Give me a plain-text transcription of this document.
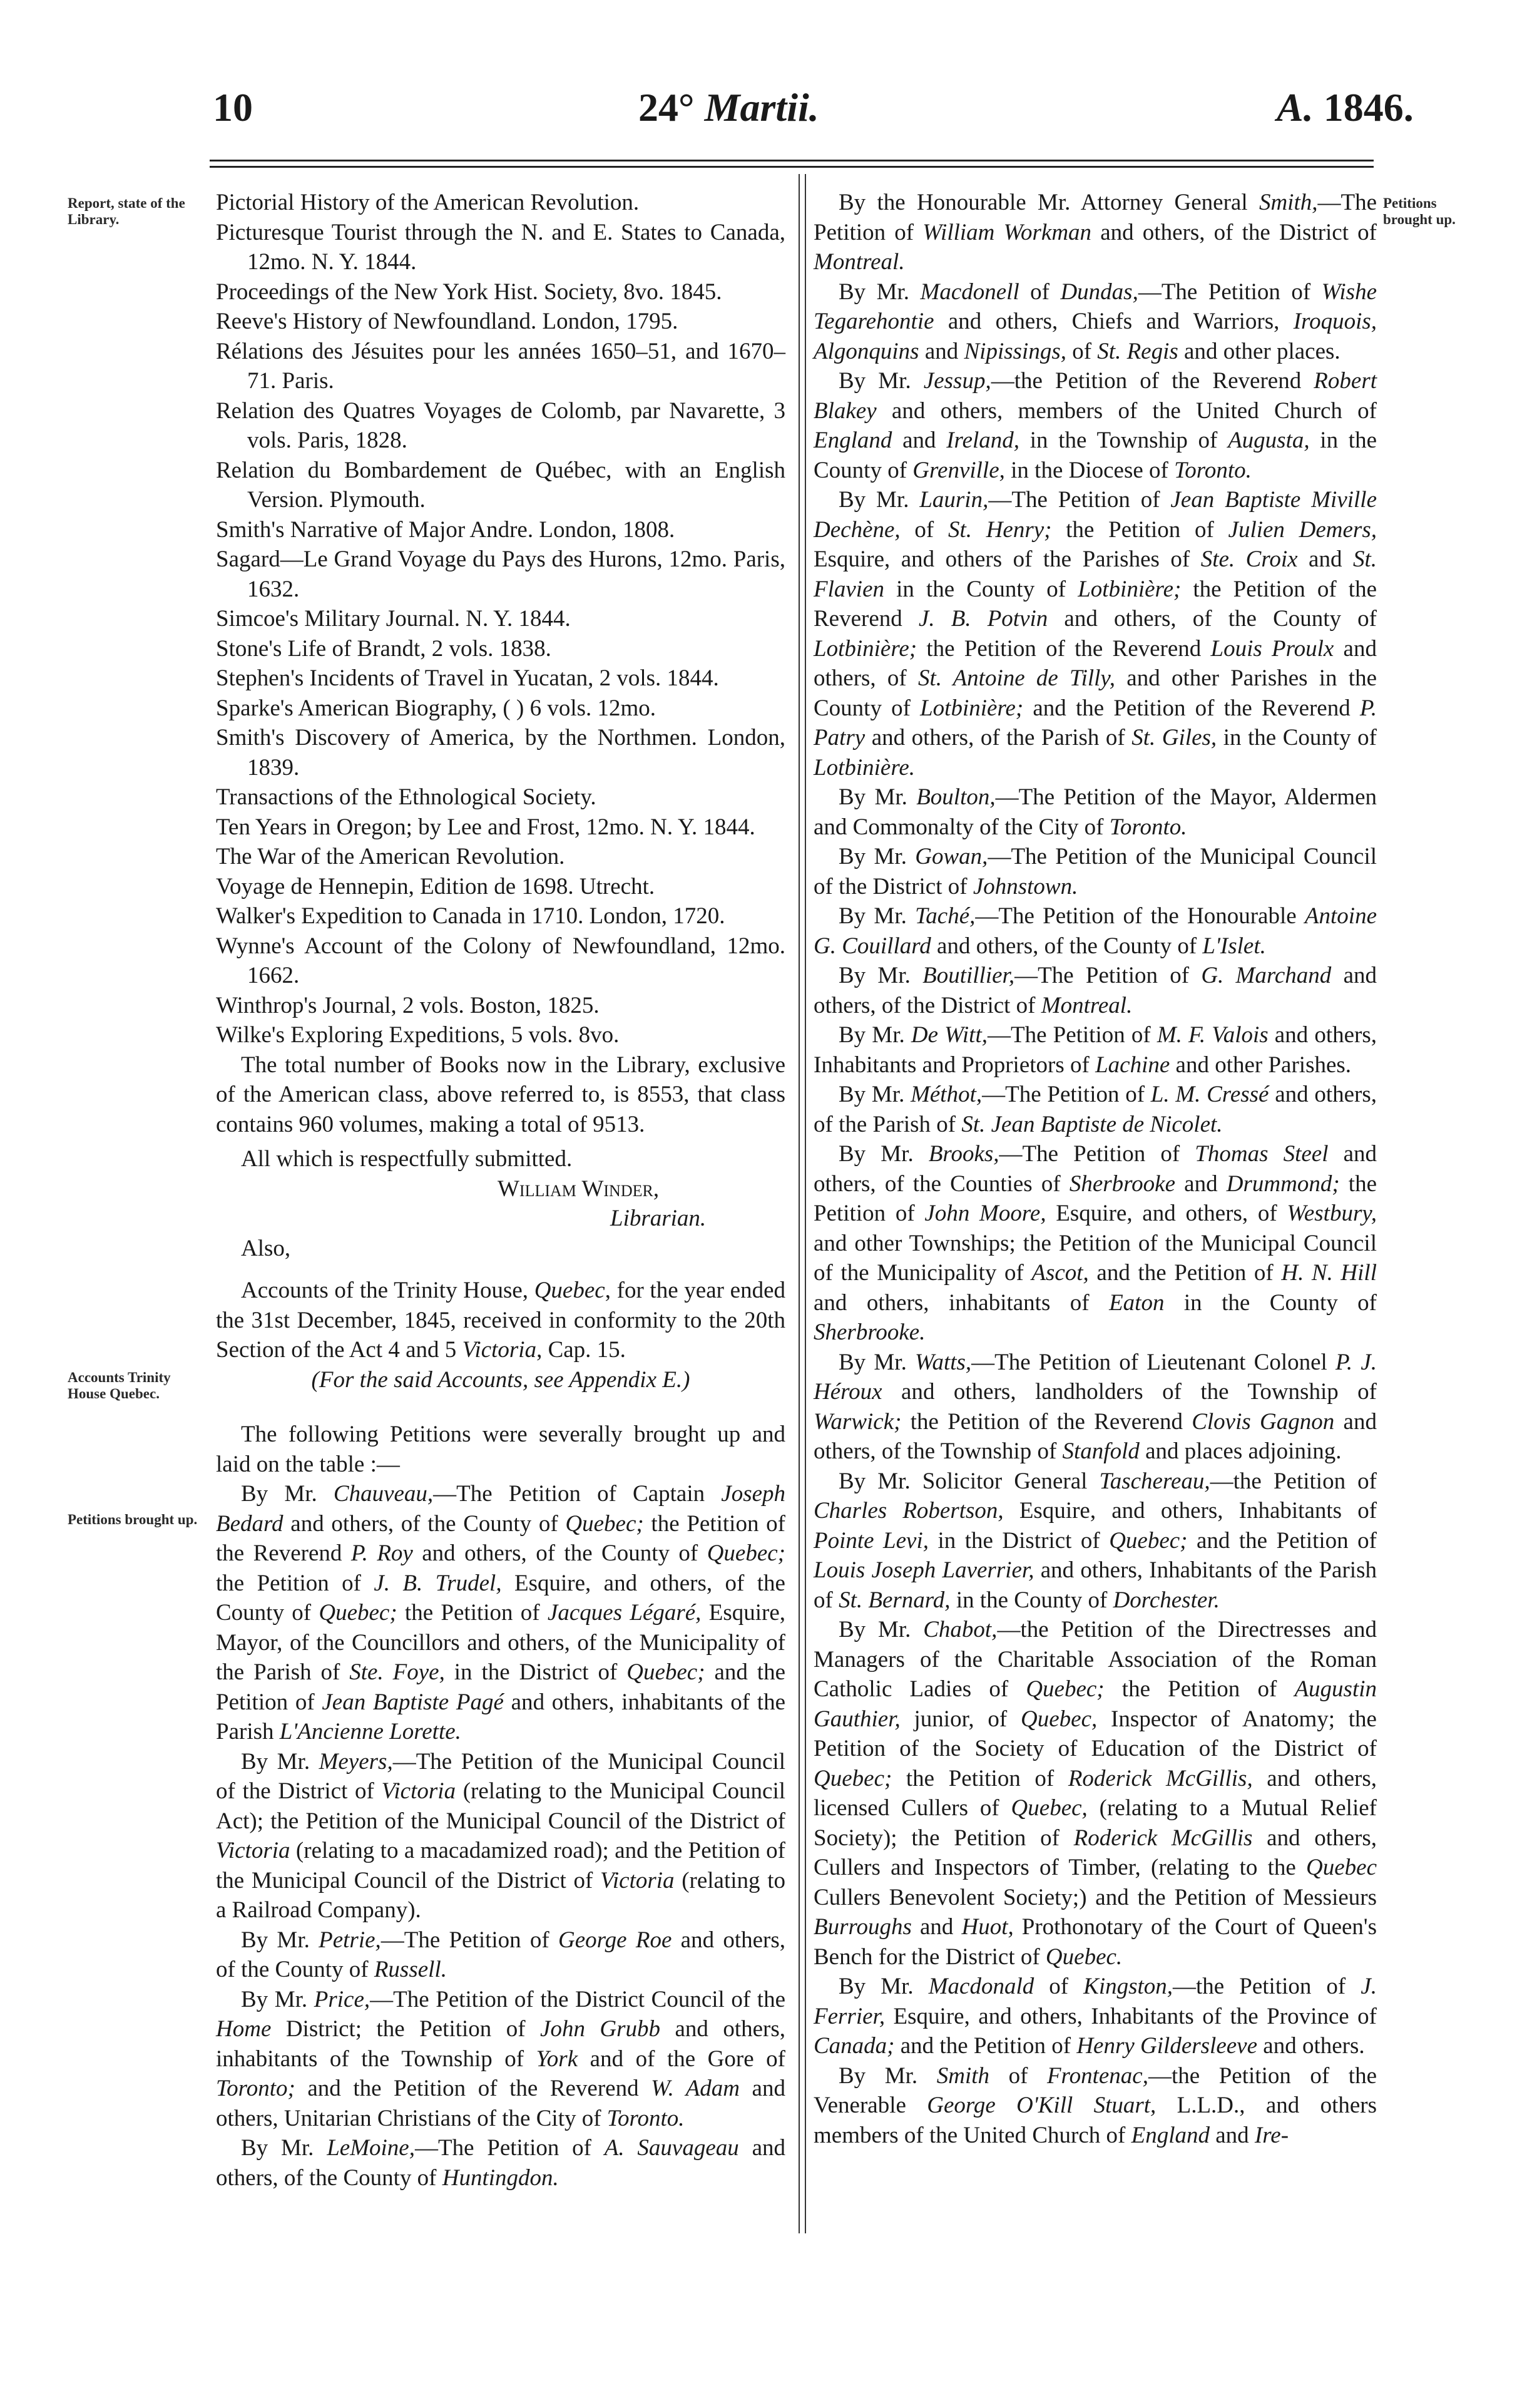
10	24° Martii.	A. 1846.
Report, state of the Library.
Accounts Trinity House Quebec.
Petitions brought up.
Petitions brought up.

Pictorial History of the American Revolution.

Picturesque Tourist through the N. and E. States to Canada, 12mo. N. Y. 1844.

Proceedings of the New York Hist. Society, 8vo. 1845.

Reeve's History of Newfoundland. London, 1795.

Rélations des Jésuites pour les années 1650–51, and 1670–71. Paris.

Relation des Quatres Voyages de Colomb, par Navarette, 3 vols. Paris, 1828.

Relation du Bombardement de Québec, with an English Version. Plymouth.

Smith's Narrative of Major Andre. London, 1808.

Sagard—Le Grand Voyage du Pays des Hurons, 12mo. Paris, 1632.

Simcoe's Military Journal. N. Y. 1844.

Stone's Life of Brandt, 2 vols. 1838.

Stephen's Incidents of Travel in Yucatan, 2 vols. 1844.

Sparke's American Biography, ( ) 6 vols. 12mo.

Smith's Discovery of America, by the Northmen. London, 1839.

Transactions of the Ethnological Society.

Ten Years in Oregon; by Lee and Frost, 12mo. N. Y. 1844.

The War of the American Revolution.

Voyage de Hennepin, Edition de 1698. Utrecht.

Walker's Expedition to Canada in 1710. London, 1720.

Wynne's Account of the Colony of Newfoundland, 12mo. 1662.

Winthrop's Journal, 2 vols. Boston, 1825.

Wilke's Exploring Expeditions, 5 vols. 8vo.

The total number of Books now in the Library, exclusive of the American class, above referred to, is 8553, that class contains 960 volumes, making a total of 9513.

All which is respectfully submitted.

William Winder,

Librarian.

Also,

Accounts of the Trinity House, Quebec, for the year ended the 31st December, 1845, received in conformity to the 20th Section of the Act 4 and 5 Victoria, Cap. 15.

(For the said Accounts, see Appendix E.)

The following Petitions were severally brought up and laid on the table :—

By Mr. Chauveau,—The Petition of Captain Joseph Bedard and others, of the County of Quebec; the Petition of the Reverend P. Roy and others, of the County of Quebec; the Petition of J. B. Trudel, Esquire, and others, of the County of Quebec; the Petition of Jacques Légaré, Esquire, Mayor, of the Councillors and others, of the Municipality of the Parish of Ste. Foye, in the District of Quebec; and the Petition of Jean Baptiste Pagé and others, inhabitants of the Parish L'Ancienne Lorette.

By Mr. Meyers,—The Petition of the Municipal Council of the District of Victoria (relating to the Municipal Council Act); the Petition of the Municipal Council of the District of Victoria (relating to a macadamized road); and the Petition of the Municipal Council of the District of Victoria (relating to a Railroad Company).

By Mr. Petrie,—The Petition of George Roe and others, of the County of Russell.

By Mr. Price,—The Petition of the District Council of the Home District; the Petition of John Grubb and others, inhabitants of the Township of York and of the Gore of Toronto; and the Petition of the Reverend W. Adam and others, Unitarian Christians of the City of Toronto.

By Mr. LeMoine,—The Petition of A. Sauvageau and others, of the County of Huntingdon.

By the Honourable Mr. Attorney General Smith,—The Petition of William Workman and others, of the District of Montreal.

By Mr. Macdonell of Dundas,—The Petition of Wishe Tegarehontie and others, Chiefs and Warriors, Iroquois, Algonquins and Nipissings, of St. Regis and other places.

By Mr. Jessup,—the Petition of the Reverend Robert Blakey and others, members of the United Church of England and Ireland, in the Township of Augusta, in the County of Grenville, in the Diocese of Toronto.

By Mr. Laurin,—The Petition of Jean Baptiste Miville Dechène, of St. Henry; the Petition of Julien Demers, Esquire, and others of the Parishes of Ste. Croix and St. Flavien in the County of Lotbinière; the Petition of the Reverend J. B. Potvin and others, of the County of Lotbinière; the Petition of the Reverend Louis Proulx and others, of St. Antoine de Tilly, and other Parishes in the County of Lotbinière; and the Petition of the Reverend P. Patry and others, of the Parish of St. Giles, in the County of Lotbinière.

By Mr. Boulton,—The Petition of the Mayor, Aldermen and Commonalty of the City of Toronto.

By Mr. Gowan,—The Petition of the Municipal Council of the District of Johnstown.

By Mr. Taché,—The Petition of the Honourable Antoine G. Couillard and others, of the County of L'Islet.

By Mr. Boutillier,—The Petition of G. Marchand and others, of the District of Montreal.

By Mr. De Witt,—The Petition of M. F. Valois and others, Inhabitants and Proprietors of Lachine and other Parishes.

By Mr. Méthot,—The Petition of L. M. Cressé and others, of the Parish of St. Jean Baptiste de Nicolet.

By Mr. Brooks,—The Petition of Thomas Steel and others, of the Counties of Sherbrooke and Drummond; the Petition of John Moore, Esquire, and others, of Westbury, and other Townships; the Petition of the Municipal Council of the Municipality of Ascot, and the Petition of H. N. Hill and others, inhabitants of Eaton in the County of Sherbrooke.

By Mr. Watts,—The Petition of Lieutenant Colonel P. J. Héroux and others, landholders of the Township of Warwick; the Petition of the Reverend Clovis Gagnon and others, of the Township of Stanfold and places adjoining.

By Mr. Solicitor General Taschereau,—the Petition of Charles Robertson, Esquire, and others, Inhabitants of Pointe Levi, in the District of Quebec; and the Petition of Louis Joseph Laverrier, and others, Inhabitants of the Parish of St. Bernard, in the County of Dorchester.

By Mr. Chabot,—the Petition of the Directresses and Managers of the Charitable Association of the Roman Catholic Ladies of Quebec; the Petition of Augustin Gauthier, junior, of Quebec, Inspector of Anatomy; the Petition of the Society of Education of the District of Quebec; the Petition of Roderick McGillis, and others, licensed Cullers of Quebec, (relating to a Mutual Relief Society); the Petition of Roderick McGillis and others, Cullers and Inspectors of Timber, (relating to the Quebec Cullers Benevolent Society;) and the Petition of Messieurs Burroughs and Huot, Prothonotary of the Court of Queen's Bench for the District of Quebec.

By Mr. Macdonald of Kingston,—the Petition of J. Ferrier, Esquire, and others, Inhabitants of the Province of Canada; and the Petition of Henry Gildersleeve and others.

By Mr. Smith of Frontenac,—the Petition of the Venerable George O'Kill Stuart, L.L.D., and others members of the United Church of England and Ire-
